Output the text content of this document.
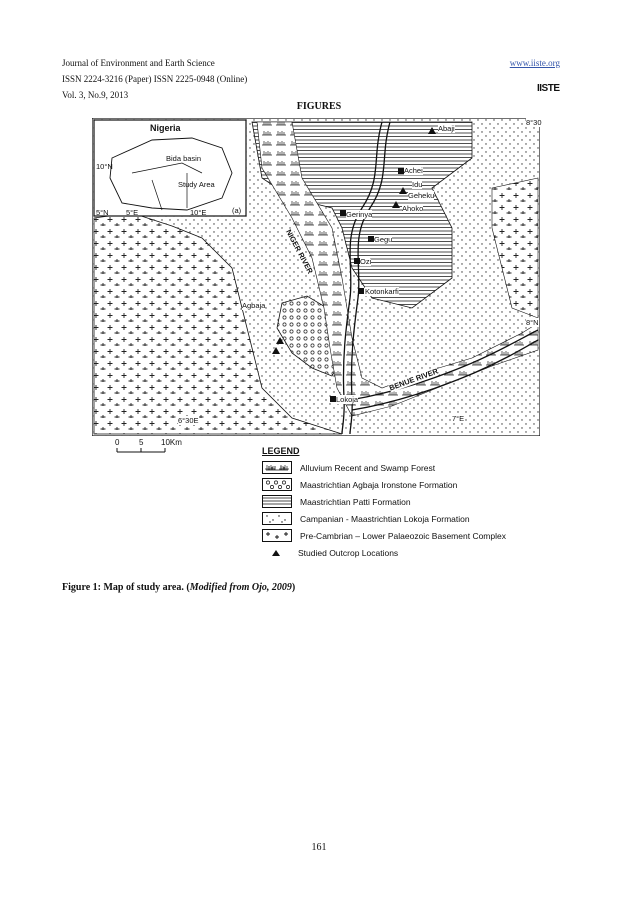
Journal of Environment and Earth Science
ISSN 2224-3216 (Paper) ISSN 2225-0948 (Online)
Vol. 3, No.9, 2013
www.iiste.org
IISTE
FIGURES
Nigeria
Bida basin
Study Area
10°N
5°N 5°E	10°E	(a)
Abaji
Achei
Idu
Geheku
Ahoko
Gerinya
Gegu
Ozi
Kotonkarfi
Agbaja
Lokoja
8°30
8°N
6°30E	7°E
NIGER RIVER
BENUE RIVER
0 5 10Km
LEGEND
Alluvium Recent and Swamp Forest
Maastrichtian Agbaja Ironstone Formation
Maastrichtian Patti Formation
Campanian - Maastrichtian Lokoja Formation
Pre-Cambrian – Lower Palaeozoic Basement Complex
Studied Outcrop Locations
Figure 1: Map of study area. (Modified from Ojo, 2009)
161
